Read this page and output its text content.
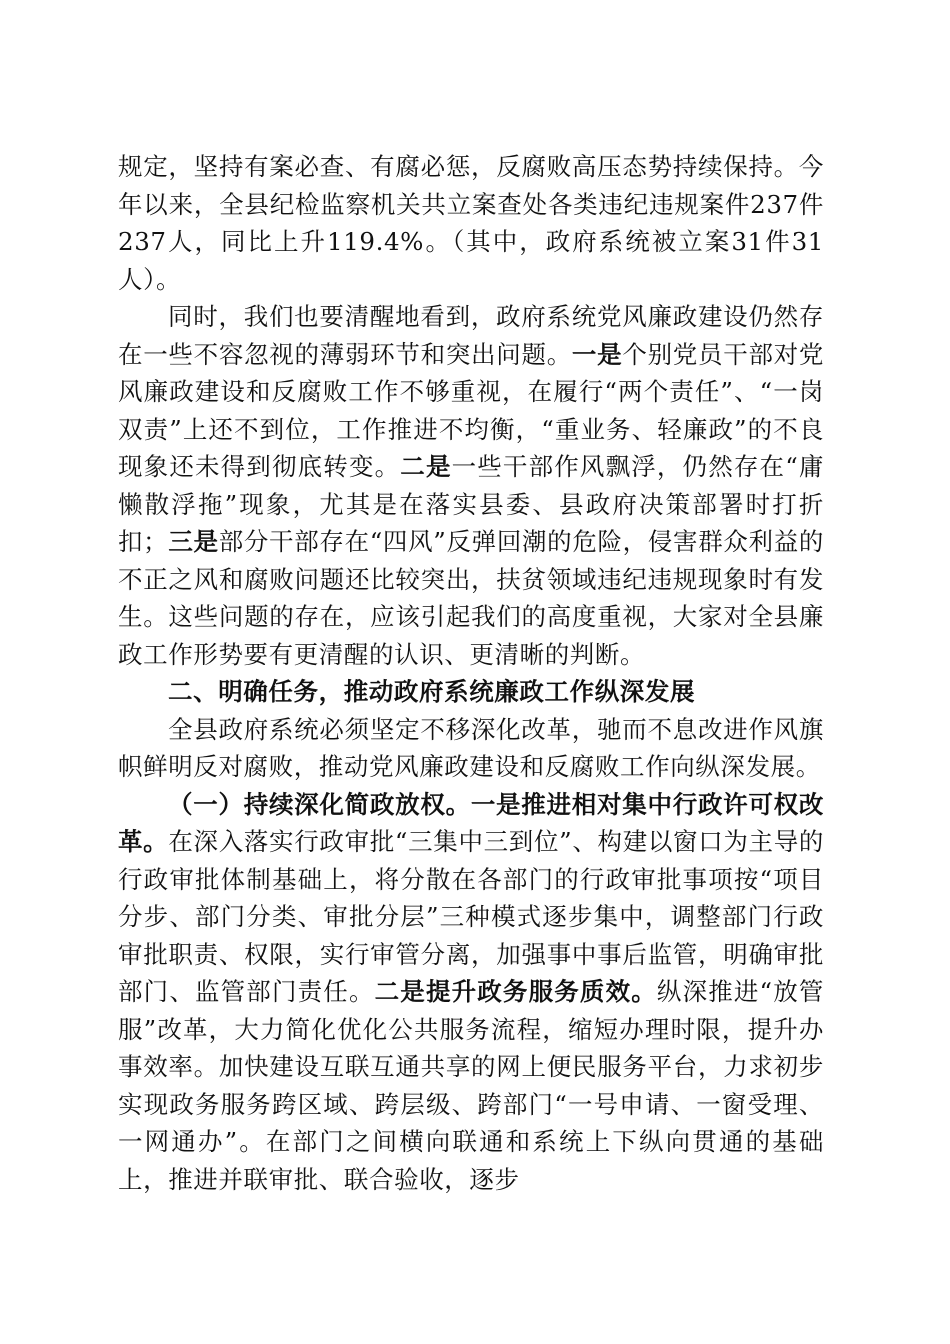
规定，坚持有案必查、有腐必惩，反腐败高压态势持续保持。今年以来，全县纪检监察机关共立案查处各类违纪违规案件237件237人，同比上升119.4%。（其中，政府系统被立案31件31人）。

同时，我们也要清醒地看到，政府系统党风廉政建设仍然存在一些不容忽视的薄弱环节和突出问题。一是个别党员干部对党风廉政建设和反腐败工作不够重视，在履行“两个责任”、“一岗双责”上还不到位，工作推进不均衡，“重业务、轻廉政”的不良现象还未得到彻底转变。二是一些干部作风飘浮，仍然存在“庸懒散浮拖”现象，尤其是在落实县委、县政府决策部署时打折扣；三是部分干部存在“四风”反弹回潮的危险，侵害群众利益的不正之风和腐败问题还比较突出，扶贫领域违纪违规现象时有发生。这些问题的存在，应该引起我们的高度重视，大家对全县廉政工作形势要有更清醒的认识、更清晰的判断。

二、明确任务，推动政府系统廉政工作纵深发展

全县政府系统必须坚定不移深化改革，驰而不息改进作风旗帜鲜明反对腐败，推动党风廉政建设和反腐败工作向纵深发展。

（一）持续深化简政放权。一是推进相对集中行政许可权改革。在深入落实行政审批“三集中三到位”、构建以窗口为主导的行政审批体制基础上，将分散在各部门的行政审批事项按“项目分步、部门分类、审批分层”三种模式逐步集中，调整部门行政审批职责、权限，实行审管分离，加强事中事后监管，明确审批部门、监管部门责任。二是提升政务服务质效。纵深推进“放管服”改革，大力简化优化公共服务流程，缩短办理时限，提升办事效率。加快建设互联互通共享的网上便民服务平台，力求初步实现政务服务跨区域、跨层级、跨部门“一号申请、一窗受理、一网通办”。在部门之间横向联通和系统上下纵向贯通的基础上，推进并联审批、联合验收，逐步
